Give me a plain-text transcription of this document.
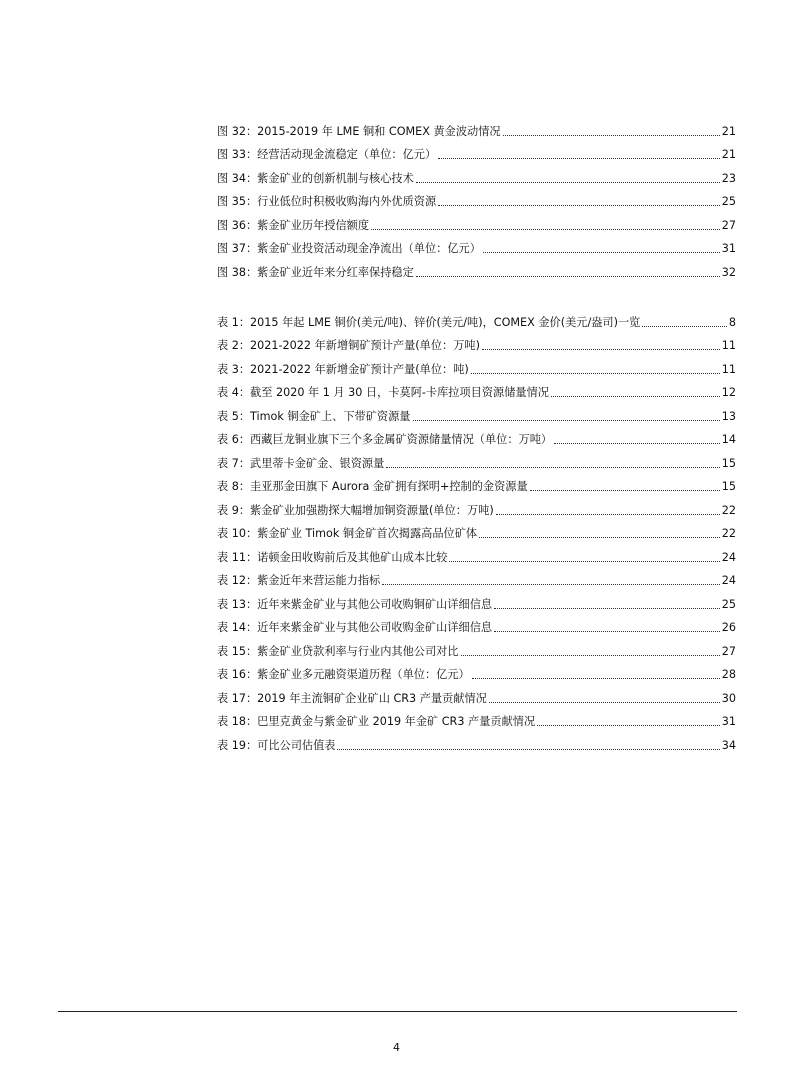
图 32：2015-2019 年 LME 铜和 COMEX 黄金波动情况	21
图 33：经营活动现金流稳定（单位：亿元）	21
图 34：紫金矿业的创新机制与核心技术	23
图 35：行业低位时积极收购海内外优质资源	25
图 36：紫金矿业历年授信额度	27
图 37：紫金矿业投资活动现金净流出（单位：亿元）	31
图 38：紫金矿业近年来分红率保持稳定	32
表 1：2015 年起 LME 铜价(美元/吨)、锌价(美元/吨)，COMEX 金价(美元/盎司)一览	8
表 2：2021-2022 年新增铜矿预计产量(单位：万吨)	11
表 3：2021-2022 年新增金矿预计产量(单位：吨)	11
表 4：截至 2020 年 1 月 30 日，卡莫阿-卡库拉项目资源储量情况	12
表 5：Timok 铜金矿上、下带矿资源量	13
表 6：西藏巨龙铜业旗下三个多金属矿资源储量情况（单位：万吨）	14
表 7：武里蒂卡金矿金、银资源量	15
表 8：圭亚那金田旗下 Aurora 金矿拥有探明+控制的金资源量	15
表 9：紫金矿业加强勘探大幅增加铜资源量(单位：万吨)	22
表 10：紫金矿业 Timok 铜金矿首次揭露高品位矿体	22
表 11：诺顿金田收购前后及其他矿山成本比较	24
表 12：紫金近年来营运能力指标	24
表 13：近年来紫金矿业与其他公司收购铜矿山详细信息	25
表 14：近年来紫金矿业与其他公司收购金矿山详细信息	26
表 15：紫金矿业贷款利率与行业内其他公司对比	27
表 16：紫金矿业多元融资渠道历程（单位：亿元）	28
表 17：2019 年主流铜矿企业矿山 CR3 产量贡献情况	30
表 18：巴里克黄金与紫金矿业 2019 年金矿 CR3 产量贡献情况	31
表 19：可比公司估值表	34
4
